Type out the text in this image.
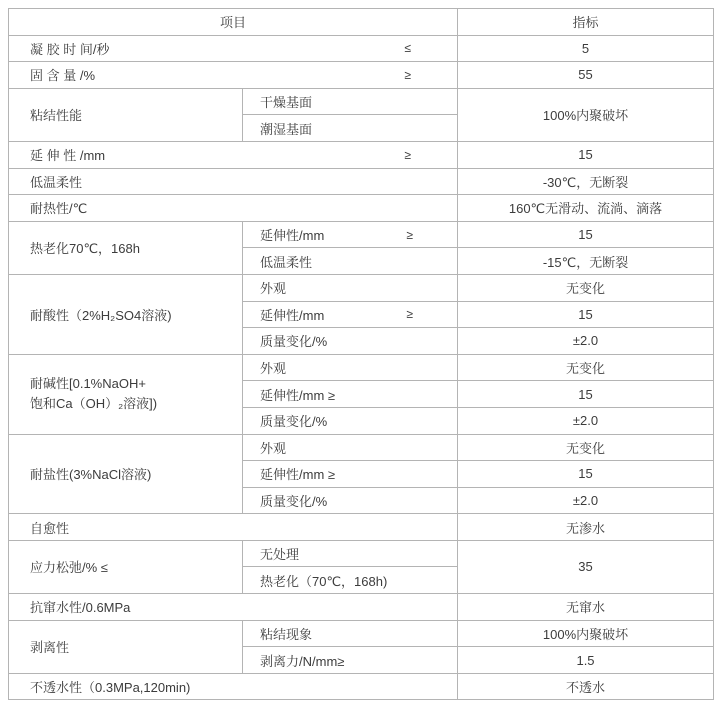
项目		指标

凝 胶 时 间/秒 ≤		5

固 含 量 /% ≥		55
粘结性能	干燥基面	100%内聚破坏
	潮湿基面	

延 伸 性 /mm ≥		15
低温柔性		-30℃，无断裂
耐热性/℃		160℃无滑动、流淌、滴落
热老化70℃，168h	延伸性/mm ≥	15
	低温柔性	-15℃，无断裂
耐酸性（2%H₂SO4溶液)	外观	无变化

	延伸性/mm ≥	15
	质量变化/%	±2.0

耐碱性[0.1%NaOH+
饱和Ca（OH）₂溶液])	外观	无变化
	延伸性/mm ≥	15
	质量变化/%	±2.0
耐盐性(3%NaCl溶液)	外观	无变化
	延伸性/mm ≥	15
	质量变化/%	±2.0
自愈性		无渗水
应力松弛/% ≤	无处理	35
	热老化（70℃，168h)	
抗窜水性/0.6MPa		无窜水
剥离性	粘结现象	100%内聚破坏
	剥离力/N/mm≥	1.5
不透水性（0.3MPa,120min)		不透水
